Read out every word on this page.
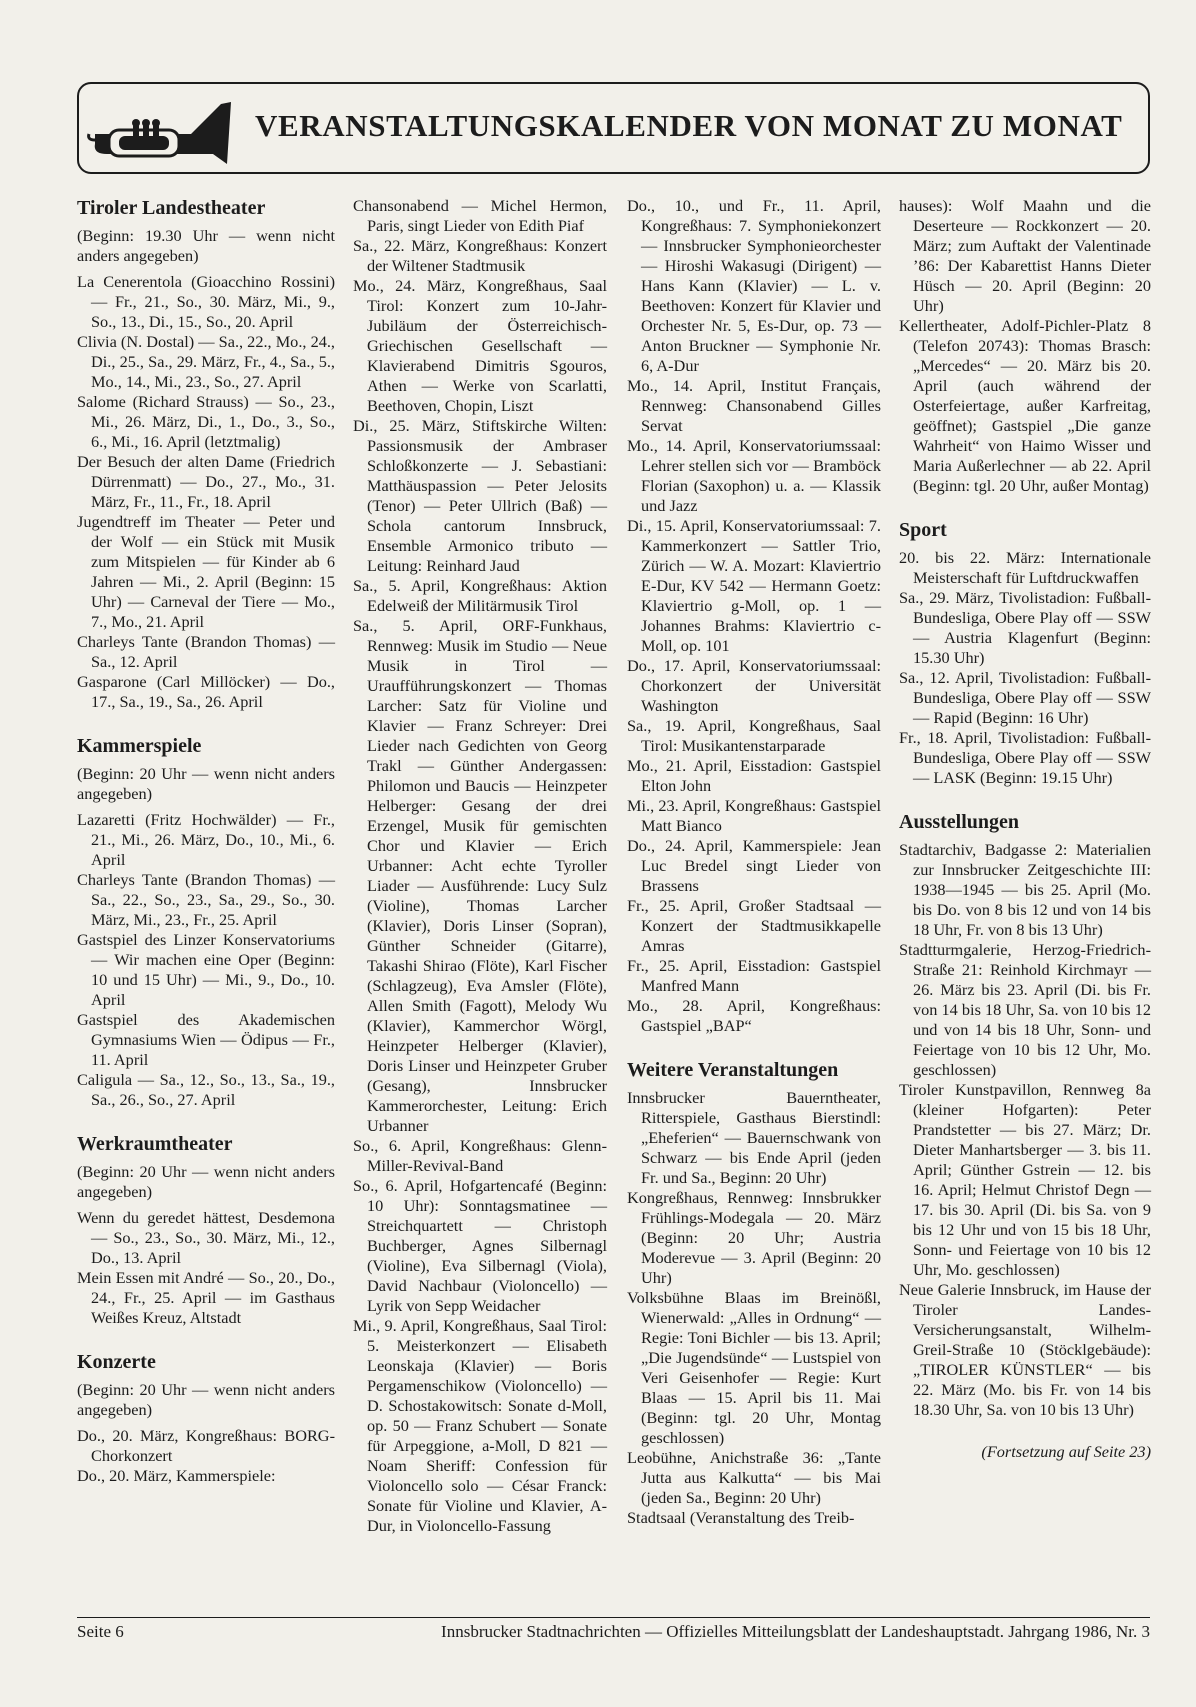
VERANSTALTUNGSKALENDER VON MONAT ZU MONAT
Tiroler Landestheater
(Beginn: 19.30 Uhr — wenn nicht anders angegeben)
La Cenerentola (Gioacchino Rossini) — Fr., 21., So., 30. März, Mi., 9., So., 13., Di., 15., So., 20. April
Clivia (N. Dostal) — Sa., 22., Mo., 24., Di., 25., Sa., 29. März, Fr., 4., Sa., 5., Mo., 14., Mi., 23., So., 27. April
Salome (Richard Strauss) — So., 23., Mi., 26. März, Di., 1., Do., 3., So., 6., Mi., 16. April (letztmalig)
Der Besuch der alten Dame (Friedrich Dürrenmatt) — Do., 27., Mo., 31. März, Fr., 11., Fr., 18. April
Jugendtreff im Theater — Peter und der Wolf — ein Stück mit Musik zum Mitspielen — für Kinder ab 6 Jahren — Mi., 2. April (Beginn: 15 Uhr) — Carneval der Tiere — Mo., 7., Mo., 21. April
Charleys Tante (Brandon Thomas) — Sa., 12. April
Gasparone (Carl Millöcker) — Do., 17., Sa., 19., Sa., 26. April
Kammerspiele
(Beginn: 20 Uhr — wenn nicht anders angegeben)
Lazaretti (Fritz Hochwälder) — Fr., 21., Mi., 26. März, Do., 10., Mi., 6. April
Charleys Tante (Brandon Thomas) — Sa., 22., So., 23., Sa., 29., So., 30. März, Mi., 23., Fr., 25. April
Gastspiel des Linzer Konservatoriums — Wir machen eine Oper (Beginn: 10 und 15 Uhr) — Mi., 9., Do., 10. April
Gastspiel des Akademischen Gymnasiums Wien — Ödipus — Fr., 11. April
Caligula — Sa., 12., So., 13., Sa., 19., Sa., 26., So., 27. April
Werkraumtheater
(Beginn: 20 Uhr — wenn nicht anders angegeben)
Wenn du geredet hättest, Desdemona — So., 23., So., 30. März, Mi., 12., Do., 13. April
Mein Essen mit André — So., 20., Do., 24., Fr., 25. April — im Gasthaus Weißes Kreuz, Altstadt
Konzerte
(Beginn: 20 Uhr — wenn nicht anders angegeben)
Do., 20. März, Kongreßhaus: BORG-Chorkonzert
Do., 20. März, Kammerspiele:
Chansonabend — Michel Hermon, Paris, singt Lieder von Edith Piaf
Sa., 22. März, Kongreßhaus: Konzert der Wiltener Stadtmusik
Mo., 24. März, Kongreßhaus, Saal Tirol: Konzert zum 10-Jahr-Jubiläum der Österreichisch-Griechischen Gesellschaft — Klavierabend Dimitris Sgouros, Athen — Werke von Scarlatti, Beethoven, Chopin, Liszt
Di., 25. März, Stiftskirche Wilten: Passionsmusik der Ambraser Schloßkonzerte — J. Sebastiani: Matthäuspassion — Peter Jelosits (Tenor) — Peter Ullrich (Baß) — Schola cantorum Innsbruck, Ensemble Armonico tributo — Leitung: Reinhard Jaud
Sa., 5. April, Kongreßhaus: Aktion Edelweiß der Militärmusik Tirol
Sa., 5. April, ORF-Funkhaus, Rennweg: Musik im Studio — Neue Musik in Tirol — Uraufführungskonzert — Thomas Larcher: Satz für Violine und Klavier — Franz Schreyer: Drei Lieder nach Gedichten von Georg Trakl — Günther Andergassen: Philomon und Baucis — Heinzpeter Helberger: Gesang der drei Erzengel, Musik für gemischten Chor und Klavier — Erich Urbanner: Acht echte Tyroller Liader — Ausführende: Lucy Sulz (Violine), Thomas Larcher (Klavier), Doris Linser (Sopran), Günther Schneider (Gitarre), Takashi Shirao (Flöte), Karl Fischer (Schlagzeug), Eva Amsler (Flöte), Allen Smith (Fagott), Melody Wu (Klavier), Kammerchor Wörgl, Heinzpeter Helberger (Klavier), Doris Linser und Heinzpeter Gruber (Gesang), Innsbrucker Kammerorchester, Leitung: Erich Urbanner
So., 6. April, Kongreßhaus: Glenn-Miller-Revival-Band
So., 6. April, Hofgartencafé (Beginn: 10 Uhr): Sonntagsmatinee — Streichquartett — Christoph Buchberger, Agnes Silbernagl (Violine), Eva Silbernagl (Viola), David Nachbaur (Violoncello) — Lyrik von Sepp Weidacher
Mi., 9. April, Kongreßhaus, Saal Tirol: 5. Meisterkonzert — Elisabeth Leonskaja (Klavier) — Boris Pergamenschikow (Violoncello) — D. Schostakowitsch: Sonate d-Moll, op. 50 — Franz Schubert — Sonate für Arpeggione, a-Moll, D 821 — Noam Sheriff: Confession für Violoncello solo — César Franck: Sonate für Violine und Klavier, A-Dur, in Violoncello-Fassung
Do., 10., und Fr., 11. April, Kongreßhaus: 7. Symphoniekonzert — Innsbrucker Symphonieorchester — Hiroshi Wakasugi (Dirigent) — Hans Kann (Klavier) — L. v. Beethoven: Konzert für Klavier und Orchester Nr. 5, Es-Dur, op. 73 — Anton Bruckner — Symphonie Nr. 6, A-Dur
Mo., 14. April, Institut Français, Rennweg: Chansonabend Gilles Servat
Mo., 14. April, Konservatoriumssaal: Lehrer stellen sich vor — Bramböck Florian (Saxophon) u. a. — Klassik und Jazz
Di., 15. April, Konservatoriumssaal: 7. Kammerkonzert — Sattler Trio, Zürich — W. A. Mozart: Klaviertrio E-Dur, KV 542 — Hermann Goetz: Klaviertrio g-Moll, op. 1 — Johannes Brahms: Klaviertrio c-Moll, op. 101
Do., 17. April, Konservatoriumssaal: Chorkonzert der Universität Washington
Sa., 19. April, Kongreßhaus, Saal Tirol: Musikantenstarparade
Mo., 21. April, Eisstadion: Gastspiel Elton John
Mi., 23. April, Kongreßhaus: Gastspiel Matt Bianco
Do., 24. April, Kammerspiele: Jean Luc Bredel singt Lieder von Brassens
Fr., 25. April, Großer Stadtsaal — Konzert der Stadtmusikkapelle Amras
Fr., 25. April, Eisstadion: Gastspiel Manfred Mann
Mo., 28. April, Kongreßhaus: Gastspiel „BAP“
Weitere Veranstaltungen
Innsbrucker Bauerntheater, Ritterspiele, Gasthaus Bierstindl: „Eheferien“ — Bauernschwank von Schwarz — bis Ende April (jeden Fr. und Sa., Beginn: 20 Uhr)
Kongreßhaus, Rennweg: Innsbrukker Frühlings-Modegala — 20. März (Beginn: 20 Uhr; Austria Moderevue — 3. April (Beginn: 20 Uhr)
Volksbühne Blaas im Breinößl, Wienerwald: „Alles in Ordnung“ — Regie: Toni Bichler — bis 13. April; „Die Jugendsünde“ — Lustspiel von Veri Geisenhofer — Regie: Kurt Blaas — 15. April bis 11. Mai (Beginn: tgl. 20 Uhr, Montag geschlossen)
Leobühne, Anichstraße 36: „Tante Jutta aus Kalkutta“ — bis Mai (jeden Sa., Beginn: 20 Uhr)
Stadtsaal (Veranstaltung des Treib-
hauses): Wolf Maahn und die Deserteure — Rockkonzert — 20. März; zum Auftakt der Valentinade ’86: Der Kabarettist Hanns Dieter Hüsch — 20. April (Beginn: 20 Uhr)
Kellertheater, Adolf-Pichler-Platz 8 (Telefon 20743): Thomas Brasch: „Mercedes“ — 20. März bis 20. April (auch während der Osterfeiertage, außer Karfreitag, geöffnet); Gastspiel „Die ganze Wahrheit“ von Haimo Wisser und Maria Außerlechner — ab 22. April (Beginn: tgl. 20 Uhr, außer Montag)
Sport
20. bis 22. März: Internationale Meisterschaft für Luftdruckwaffen
Sa., 29. März, Tivolistadion: Fußball-Bundesliga, Obere Play off — SSW — Austria Klagenfurt (Beginn: 15.30 Uhr)
Sa., 12. April, Tivolistadion: Fußball-Bundesliga, Obere Play off — SSW — Rapid (Beginn: 16 Uhr)
Fr., 18. April, Tivolistadion: Fußball-Bundesliga, Obere Play off — SSW — LASK (Beginn: 19.15 Uhr)
Ausstellungen
Stadtarchiv, Badgasse 2: Materialien zur Innsbrucker Zeitgeschichte III: 1938—1945 — bis 25. April (Mo. bis Do. von 8 bis 12 und von 14 bis 18 Uhr, Fr. von 8 bis 13 Uhr)
Stadtturmgalerie, Herzog-Friedrich-Straße 21: Reinhold Kirchmayr — 26. März bis 23. April (Di. bis Fr. von 14 bis 18 Uhr, Sa. von 10 bis 12 und von 14 bis 18 Uhr, Sonn- und Feiertage von 10 bis 12 Uhr, Mo. geschlossen)
Tiroler Kunstpavillon, Rennweg 8a (kleiner Hofgarten): Peter Prandstetter — bis 27. März; Dr. Dieter Manhartsberger — 3. bis 11. April; Günther Gstrein — 12. bis 16. April; Helmut Christof Degn — 17. bis 30. April (Di. bis Sa. von 9 bis 12 Uhr und von 15 bis 18 Uhr, Sonn- und Feiertage von 10 bis 12 Uhr, Mo. geschlossen)
Neue Galerie Innsbruck, im Hause der Tiroler Landes-Versicherungsanstalt, Wilhelm-Greil-Straße 10 (Stöcklgebäude): „TIROLER KÜNSTLER“ — bis 22. März (Mo. bis Fr. von 14 bis 18.30 Uhr, Sa. von 10 bis 13 Uhr)
(Fortsetzung auf Seite 23)
Seite 6	Innsbrucker Stadtnachrichten — Offizielles Mitteilungsblatt der Landeshauptstadt. Jahrgang 1986, Nr. 3
